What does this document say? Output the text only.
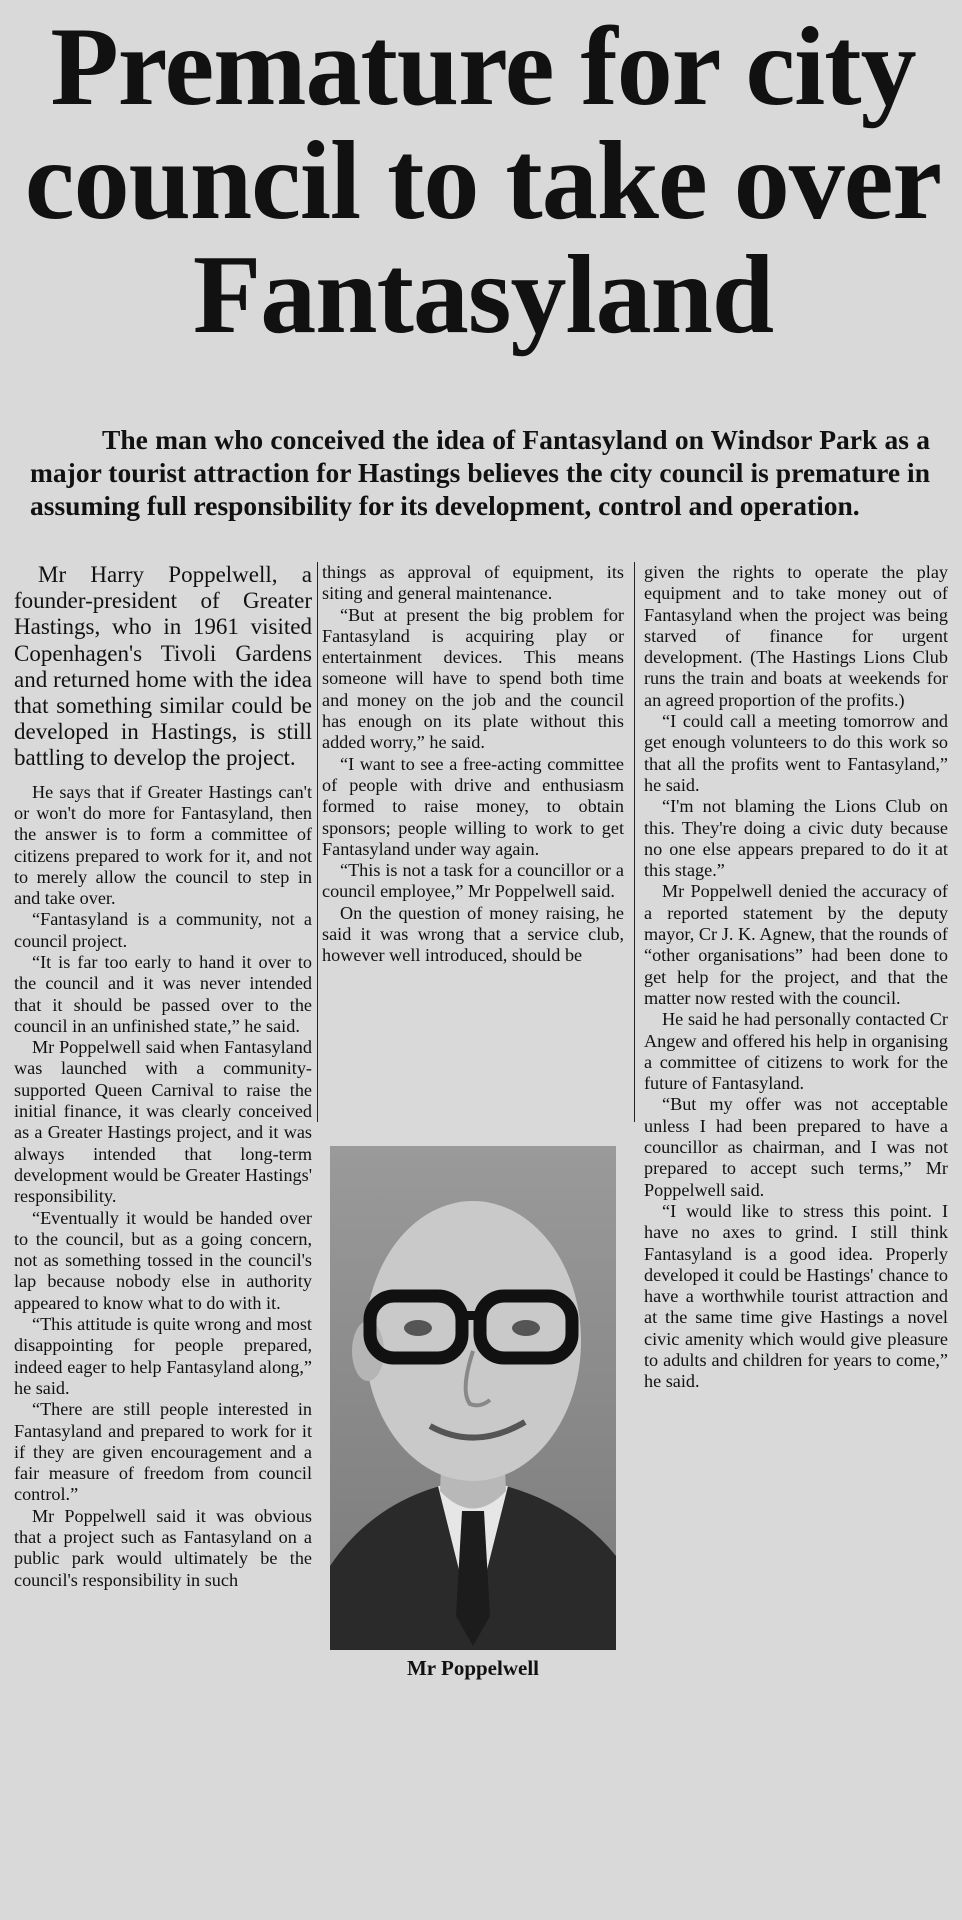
Premature for city council to take over Fantasyland

The man who conceived the idea of Fantasyland on Windsor Park as a major tourist attraction for Hastings believes the city council is premature in assuming full responsibility for its development, control and operation.

Mr Harry Poppelwell, a founder-president of Greater Hastings, who in 1961 visited Copenhagen's Tivoli Gardens and returned home with the idea that something similar could be developed in Hastings, is still battling to develop the project.

He says that if Greater Hastings can't or won't do more for Fantasyland, then the answer is to form a committee of citizens prepared to work for it, and not to merely allow the council to step in and take over.

“Fantasyland is a community, not a council project.

“It is far too early to hand it over to the council and it was never intended that it should be passed over to the council in an unfinished state,” he said.

Mr Poppelwell said when Fantasyland was launched with a community-supported Queen Carnival to raise the initial finance, it was clearly conceived as a Greater Hastings project, and it was always intended that long-term development would be Greater Hastings' responsibility.

“Eventually it would be handed over to the council, but as a going concern, not as something tossed in the council's lap because nobody else in authority appeared to know what to do with it.

“This attitude is quite wrong and most disappointing for people prepared, indeed eager to help Fantasyland along,” he said.

“There are still people interested in Fantasyland and prepared to work for it if they are given encouragement and a fair measure of freedom from council control.”

Mr Poppelwell said it was obvious that a project such as Fantasyland on a public park would ultimately be the council's responsibility in such

things as approval of equipment, its siting and general maintenance.

“But at present the big problem for Fantasyland is acquiring play or entertainment devices. This means someone will have to spend both time and money on the job and the council has enough on its plate without this added worry,” he said.

“I want to see a free-acting committee of people with drive and enthusiasm formed to raise money, to obtain sponsors; people willing to work to get Fantasyland under way again.

“This is not a task for a councillor or a council employee,” Mr Poppelwell said.

On the question of money raising, he said it was wrong that a service club, however well introduced, should be

given the rights to operate the play equipment and to take money out of Fantasyland when the project was being starved of finance for urgent development. (The Hastings Lions Club runs the train and boats at weekends for an agreed proportion of the profits.)

“I could call a meeting tomorrow and get enough volunteers to do this work so that all the profits went to Fantasyland,” he said.

“I'm not blaming the Lions Club on this. They're doing a civic duty because no one else appears prepared to do it at this stage.”

Mr Poppelwell denied the accuracy of a reported statement by the deputy mayor, Cr J. K. Agnew, that the rounds of “other organisations” had been done to get help for the project, and that the matter now rested with the council.

He said he had personally contacted Cr Angew and offered his help in organising a committee of citizens to work for the future of Fantasyland.

“But my offer was not acceptable unless I had been prepared to have a councillor as chairman, and I was not prepared to accept such terms,” Mr Poppelwell said.

“I would like to stress this point. I have no axes to grind. I still think Fantasyland is a good idea. Properly developed it could be Hastings' chance to have a worthwhile tourist attraction and at the same time give Hastings a novel civic amenity which would give pleasure to adults and children for years to come,” he said.

Mr Poppelwell
